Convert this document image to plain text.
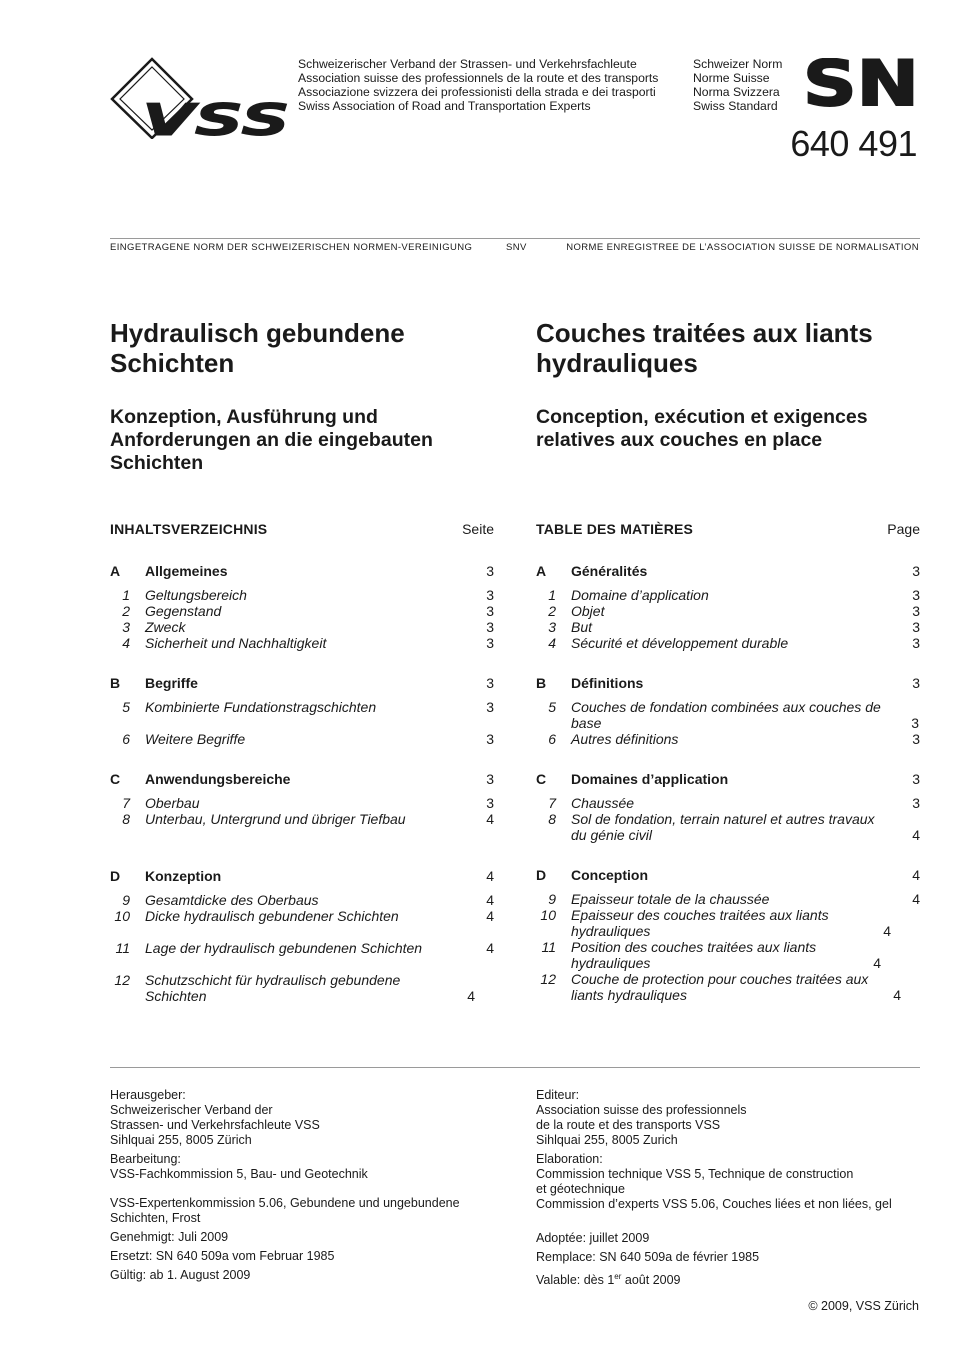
VSS
Schweizerischer Verband der Strassen- und Verkehrsfachleute
Association suisse des professionnels de la route et des transports
Associazione svizzera dei professionisti della strada e dei trasporti
Swiss Association of Road and Transportation Experts
Schweizer Norm
Norme Suisse
Norma Svizzera
Swiss Standard SN
640 491
EINGETRAGENE NORM DER SCHWEIZERISCHEN NORMEN-VEREINIGUNG	SNV	NORME ENREGISTREE DE L’ASSOCIATION SUISSE DE NORMALISATION
Hydraulisch gebundene Schichten
Couches traitées aux liants hydrauliques
Konzeption, Ausführung und Anforderungen an die eingebauten Schichten
Conception, exécution et exigences relatives aux couches en place
INHALTSVERZEICHNIS	Seite
A	Allgemeines	3
1 Geltungsbereich	3
2 Gegenstand	3
3 Zweck	3
4 Sicherheit und Nachhaltigkeit	3
B	Begriffe	3
5 Kombinierte Fundationstragschichten	3
6 Weitere Begriffe	3
C	Anwendungsbereiche	3
7 Oberbau	3
8 Unterbau, Untergrund und übriger Tiefbau	4
D	Konzeption	4
9 Gesamtdicke des Oberbaus	4
10 Dicke hydraulisch gebundener Schichten	4
11 Lage der hydraulisch gebundenen Schichten	4
12 Schutzschicht für hydraulisch gebundene Schichten	4
TABLE DES MATIÈRES	Page
A	Généralités	3
1 Domaine d’application	3
2 Objet	3
3 But	3
4 Sécurité et développement durable	3
B	Définitions	3
5 Couches de fondation combinées aux couches de base	3
6 Autres définitions	3
C	Domaines d’application	3
7 Chaussée	3
8 Sol de fondation, terrain naturel et autres travaux du génie civil	4
D	Conception	4
9 Epaisseur totale de la chaussée	4
10 Epaisseur des couches traitées aux liants hydrauliques	4
11 Position des couches traitées aux liants hydrauliques	4
12 Couche de protection pour couches traitées aux liants hydrauliques	4

Herausgeber:

Schweizerischer Verband der

Strassen- und Verkehrsfachleute VSS

Sihlquai 255, 8005 Zürich

Bearbeitung:

VSS-Fachkommission 5, Bau- und Geotechnik

VSS-Expertenkommission 5.06, Gebundene und ungebundene

Schichten, Frost

Genehmigt: Juli 2009

Ersetzt: SN 640 509a vom Februar 1985

Gültig: ab 1. August 2009

Editeur:

Association suisse des professionnels

de la route et des transports VSS

Sihlquai 255, 8005 Zurich

Elaboration:

Commission technique VSS 5, Technique de construction

et géotechnique

Commission d’experts VSS 5.06, Couches liées et non liées, gel

Adoptée: juillet 2009

Remplace: SN 640 509a de février 1985

Valable: dès 1er août 2009

© 2009, VSS Zürich
